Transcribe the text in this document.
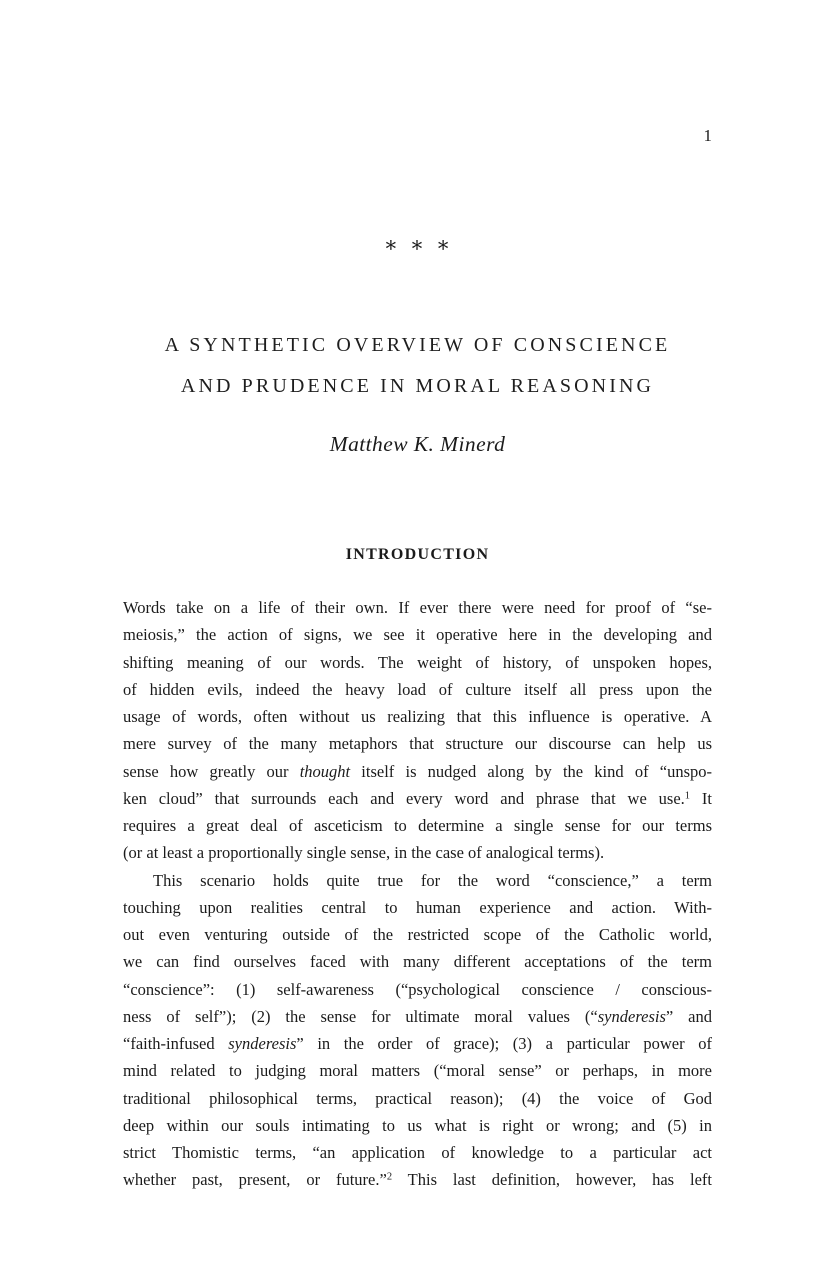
1
* * *
A SYNTHETIC OVERVIEW OF CONSCIENCE
AND PRUDENCE IN MORAL REASONING
Matthew K. Minerd
INTRODUCTION
Words take on a life of their own. If ever there were need for proof of “se-
meiosis,” the action of signs, we see it operative here in the developing and
shifting meaning of our words. The weight of history, of unspoken hopes,
of hidden evils, indeed the heavy load of culture itself all press upon the
usage of words, often without us realizing that this influence is operative. A
mere survey of the many metaphors that structure our discourse can help us
sense how greatly our thought itself is nudged along by the kind of “unspo-
ken cloud” that surrounds each and every word and phrase that we use.$^1$ It
requires a great deal of asceticism to determine a single sense for our terms
(or at least a proportionally single sense, in the case of analogical terms).
This scenario holds quite true for the word “conscience,” a term
touching upon realities central to human experience and action. With-
out even venturing outside of the restricted scope of the Catholic world,
we can find ourselves faced with many different acceptations of the term
“conscience”: (1) self-awareness (“psychological conscience / conscious-
ness of self”); (2) the sense for ultimate moral values (“synderesis” and
“faith-infused synderesis” in the order of grace); (3) a particular power of
mind related to judging moral matters (“moral sense” or perhaps, in more
traditional philosophical terms, practical reason); (4) the voice of God
deep within our souls intimating to us what is right or wrong; and (5) in
strict Thomistic terms, “an application of knowledge to a particular act
whether past, present, or future.”$^2$ This last definition, however, has left
